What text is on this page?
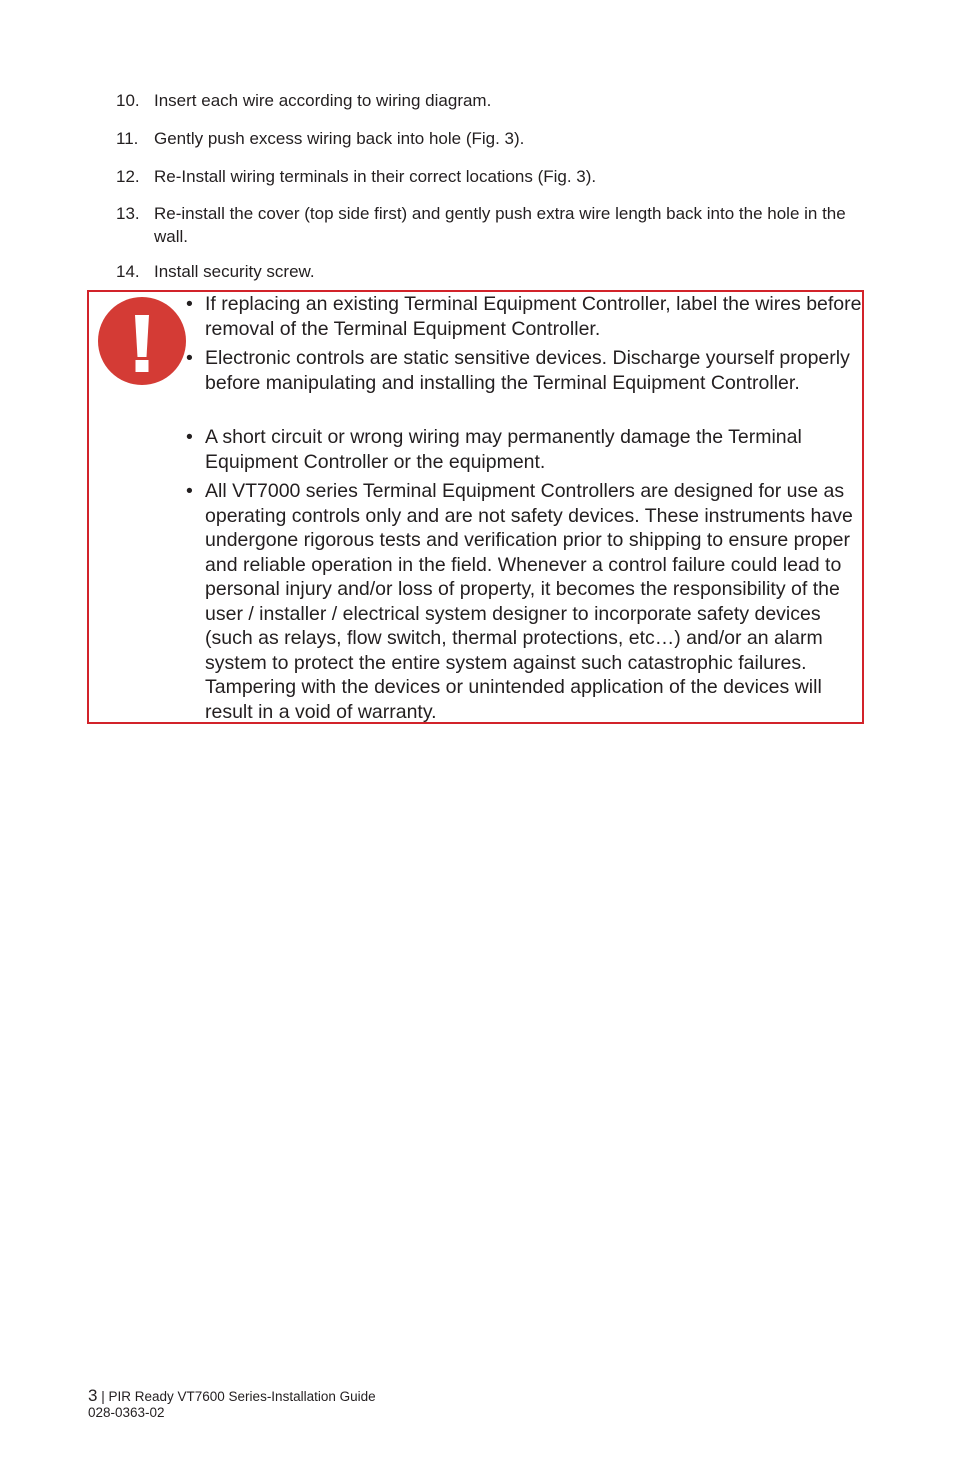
10. Insert each wire according to wiring diagram.
11. Gently push excess wiring back into hole (Fig. 3).
12. Re-Install wiring terminals in their correct locations (Fig. 3).
13. Re-install the cover (top side first) and gently push extra wire length back into the hole in the wall.
14. Install security screw.
• If replacing an existing Terminal Equipment Controller, label the wires before removal of the Terminal Equipment Controller.
• Electronic controls are static sensitive devices. Discharge yourself properly before manipulating and installing the Terminal Equipment Controller.
• A short circuit or wrong wiring may permanently damage the Terminal Equipment Controller or the equipment.
• All VT7000 series Terminal Equipment Controllers are designed for use as operating controls only and are not safety devices. These instruments have undergone rigorous tests and verification prior to shipping to ensure proper and reliable operation in the field. Whenever a control failure could lead to personal injury and/or loss of property, it becomes the responsibility of the user / installer / electrical system designer to incorporate safety devices (such as relays, flow switch, thermal protections, etc…) and/or an alarm system to protect the entire system against such catastrophic failures. Tampering with the devices or unintended application of the devices will result in a void of warranty.
3 | PIR Ready VT7600 Series-Installation Guide
028-0363-02
